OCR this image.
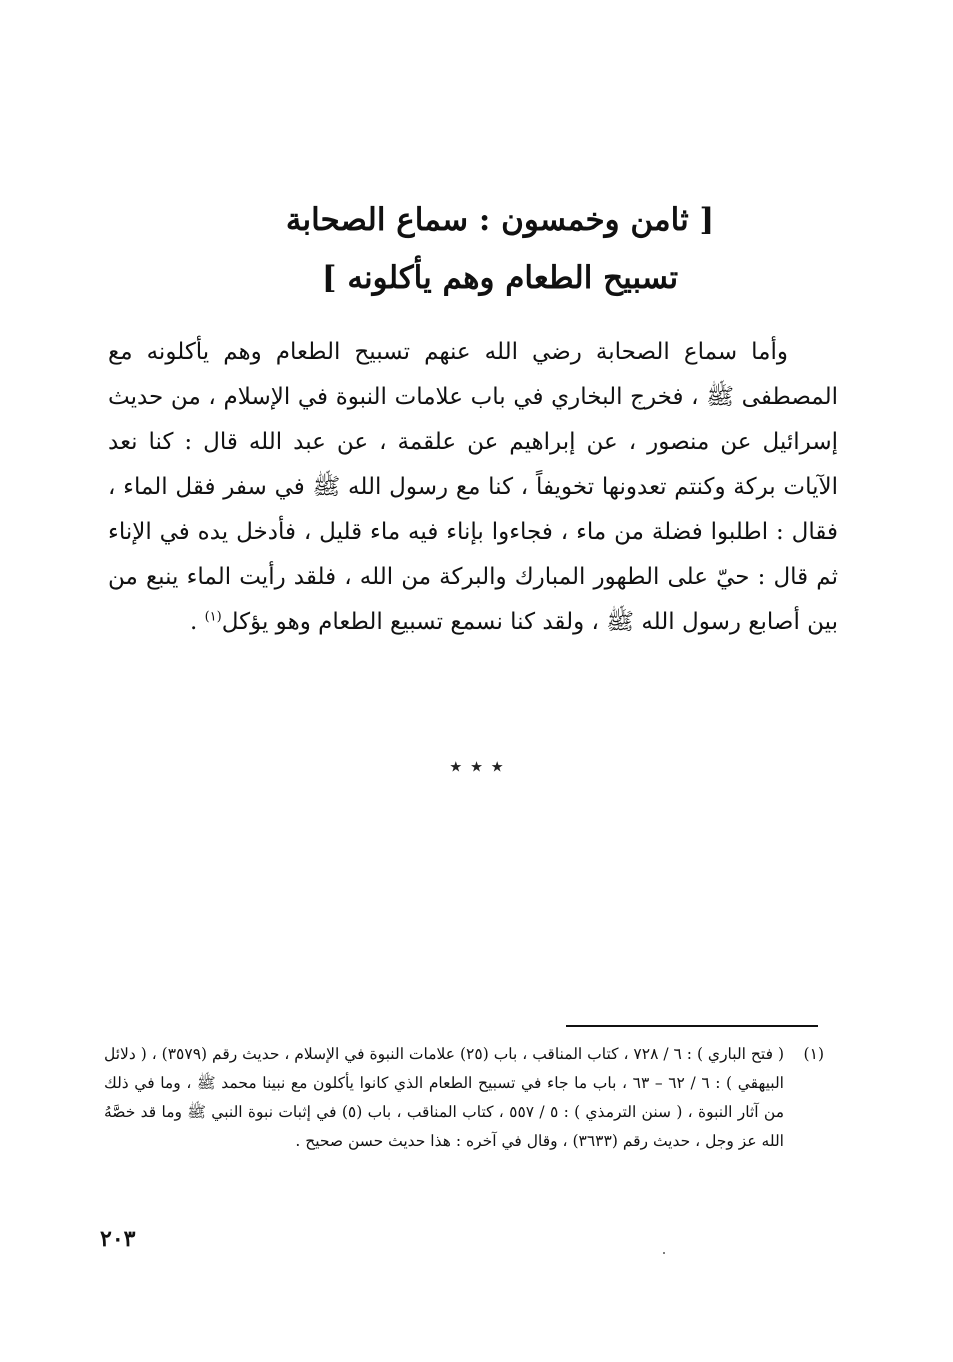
[ ثامن وخمسون : سماع الصحابة
تسبيح الطعام وهم يأكلونه ]

وأما سماع الصحابة رضي الله عنهم تسبيح الطعام وهم يأكلونه مع المصطفى ﷺ ، فخرج البخاري في باب علامات النبوة في الإسلام ، من حديث إسرائيل عن منصور ، عن إبراهيم عن علقمة ، عن عبد الله قال : كنا نعد الآيات بركة وكنتم تعدونها تخويفاً ، كنا مع رسول الله ﷺ في سفر فقل الماء ، فقال : اطلبوا فضلة من ماء ، فجاءوا بإناء فيه ماء قليل ، فأدخل يده في الإناء ثم قال : حيّ على الطهور المبارك والبركة من الله ، فلقد رأيت الماء ينبع من بين أصابع رسول الله ﷺ ، ولقد كنا نسمع تسبيع الطعام وهو يؤكل$^{(١)}$ .

٭ ٭ ٭
(١)
( فتح الباري ) : ٦ / ٧٢٨ ، كتاب المناقب ، باب (٢٥) علامات النبوة في الإسلام ، حديث رقم (٣٥٧٩) ، ( دلائل البيهقي ) : ٦ / ٦٢ – ٦٣ ، باب ما جاء في تسبيح الطعام الذي كانوا يأكلون مع نبينا محمد ﷺ ، وما في ذلك من آثار النبوة ، ( سنن الترمذي ) : ٥ / ٥٥٧ ، كتاب المناقب ، باب (٥) في إثبات نبوة النبي ﷺ وما قد خصَّهُ الله عز وجل ، حديث رقم (٣٦٣٣) ، وقال في آخره : هذا حديث حسن صحيح .
٢٠٣
